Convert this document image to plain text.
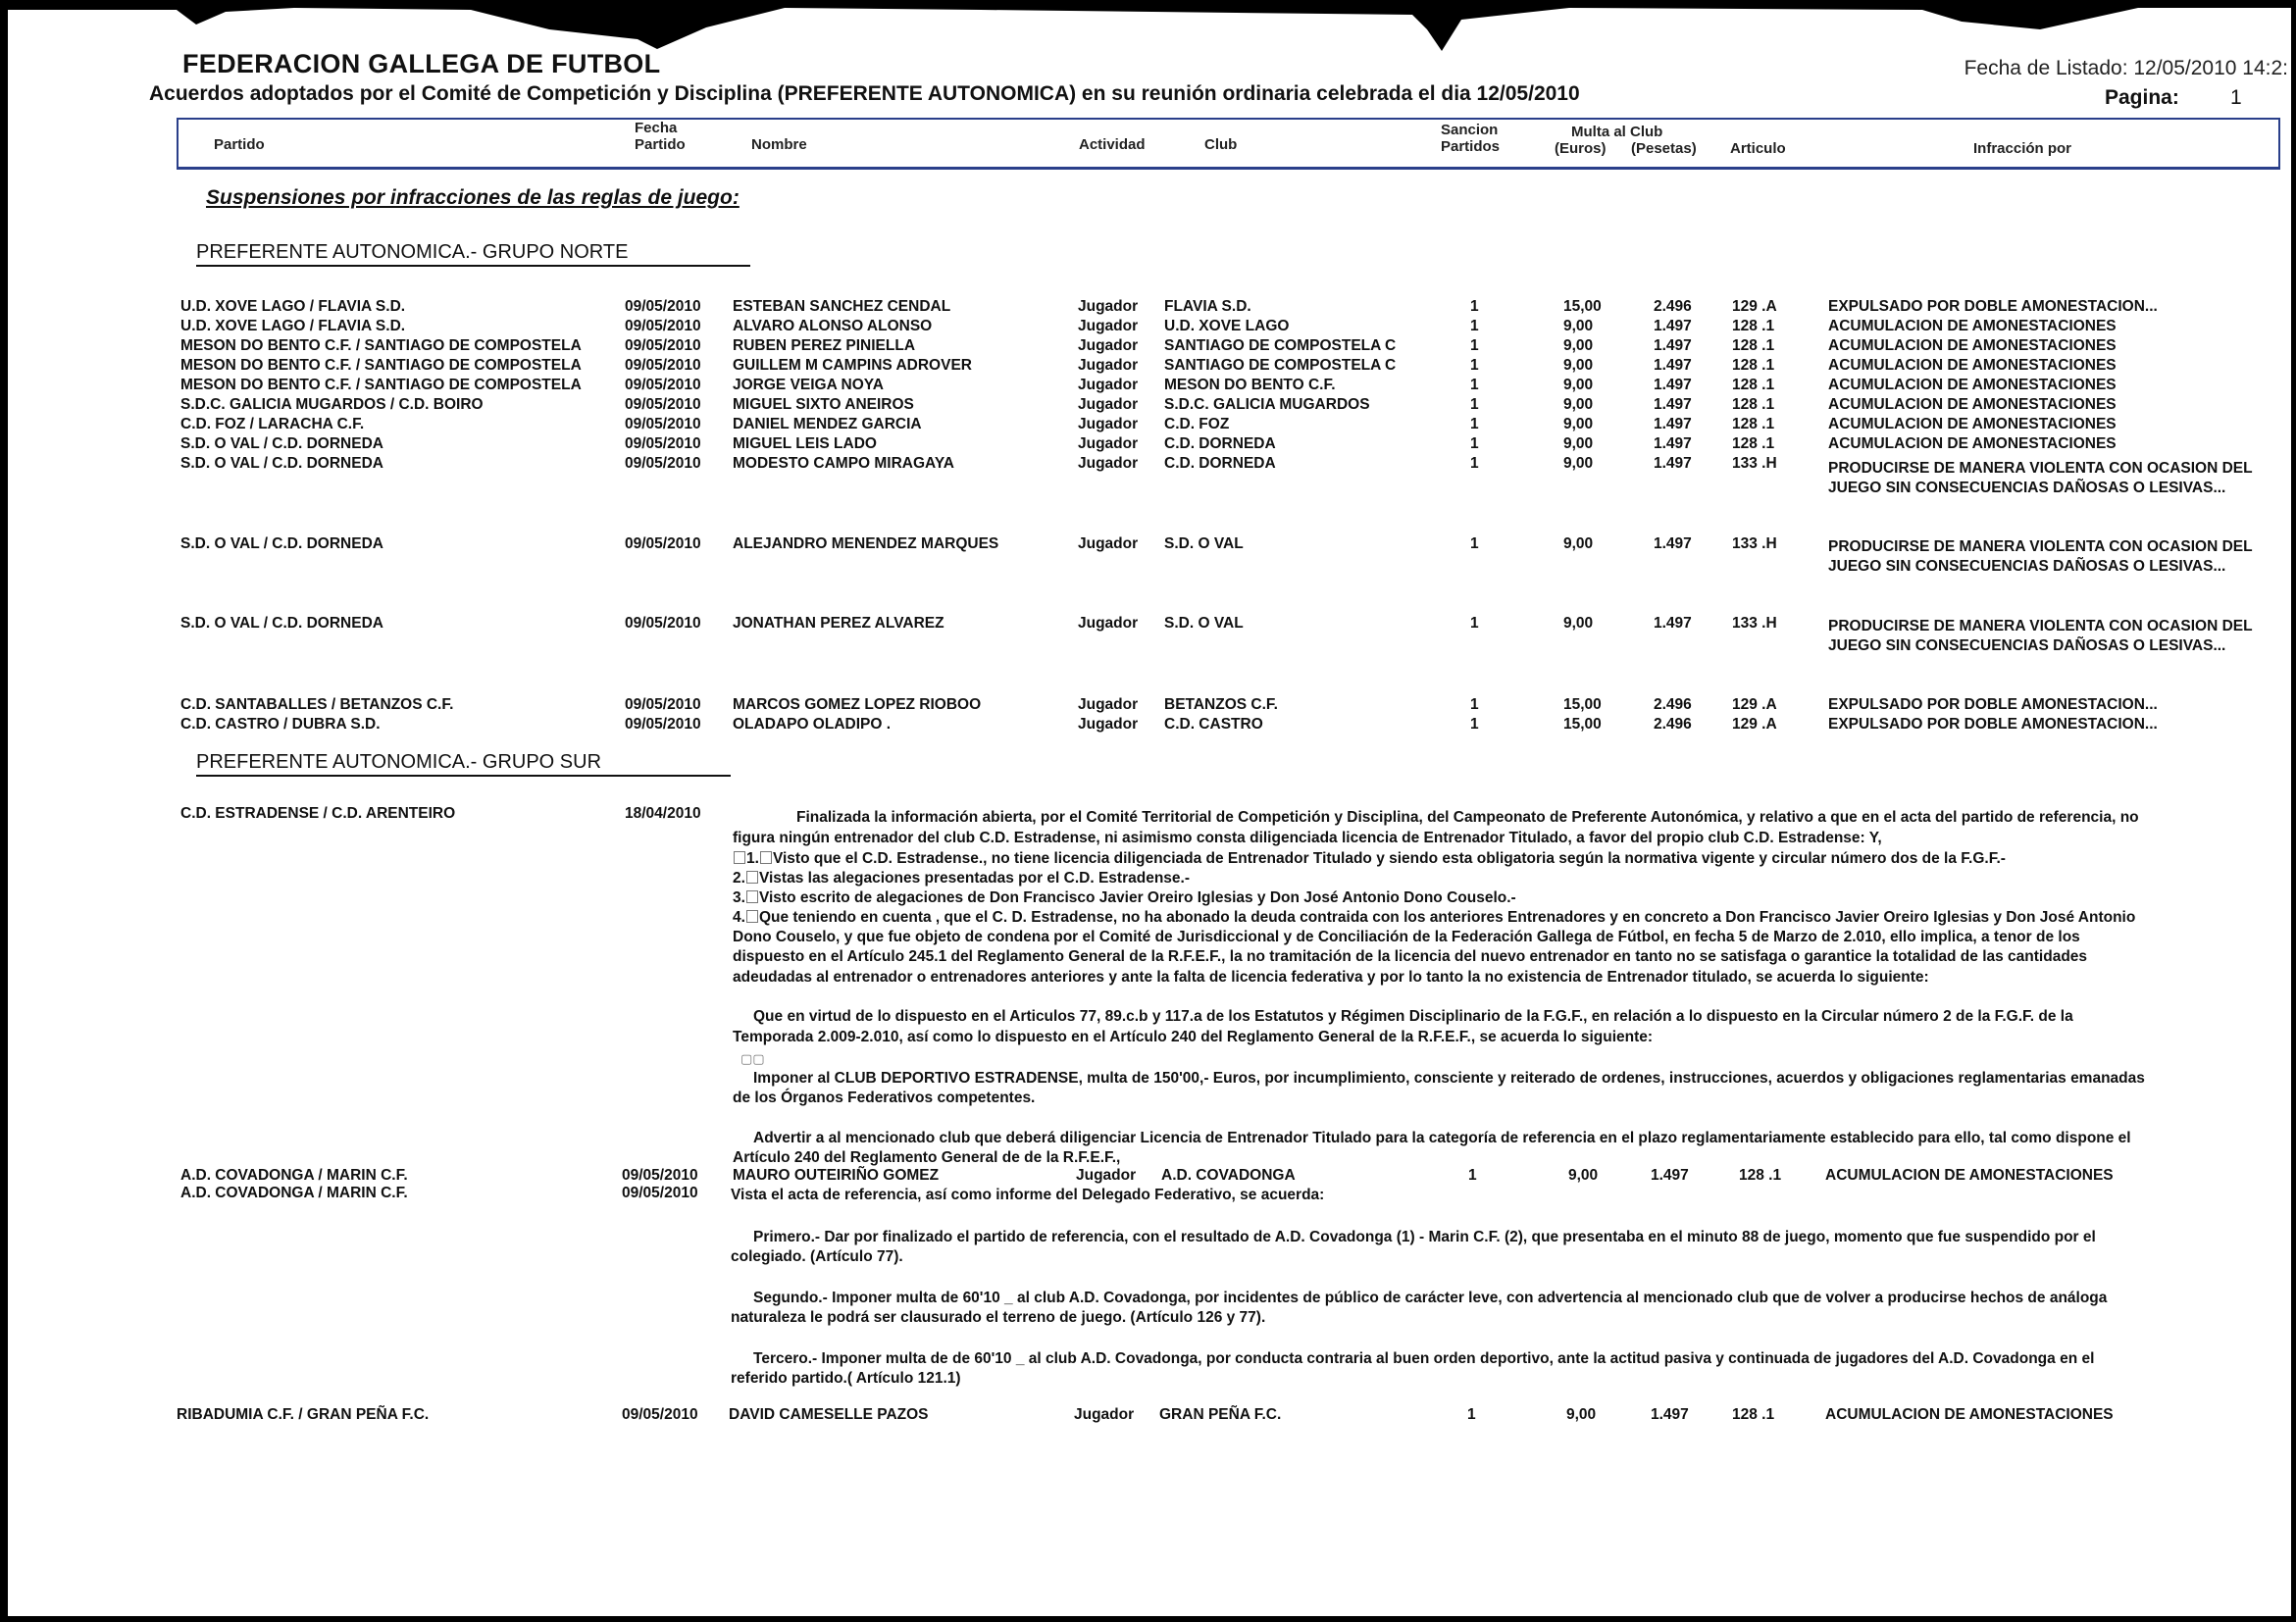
FEDERACION GALLEGA DE FUTBOL
Acuerdos adoptados por el Comité de Competición y Disciplina (PREFERENTE AUTONOMICA) en su reunión ordinaria celebrada el dia 12/05/2010
Fecha de Listado: 12/05/2010 14:2:
Pagina: 1
Partido
Fecha
Partido	Nombre	Actividad	Club
Sancion
Partidos
Multa al Club
(Euros) (Pesetas) Articulo	Infracción por
Suspensiones por infracciones de las reglas de juego:
PREFERENTE AUTONOMICA.- GRUPO NORTE
U.D. XOVE LAGO / FLAVIA S.D.	09/05/2010 ESTEBAN SANCHEZ CENDAL	Jugador FLAVIA S.D.	1	15,00	2.496	129 .A	EXPULSADO POR DOBLE AMONESTACION...
U.D. XOVE LAGO / FLAVIA S.D.	09/05/2010 ALVARO ALONSO ALONSO	Jugador U.D. XOVE LAGO	1	9,00	1.497	128 .1	ACUMULACION DE AMONESTACIONES
MESON DO BENTO C.F. / SANTIAGO DE COMPOSTELA	09/05/2010 RUBEN PEREZ PINIELLA	Jugador SANTIAGO DE COMPOSTELA C	1	9,00	1.497	128 .1	ACUMULACION DE AMONESTACIONES
MESON DO BENTO C.F. / SANTIAGO DE COMPOSTELA	09/05/2010 GUILLEM M CAMPINS ADROVER	Jugador SANTIAGO DE COMPOSTELA C	1	9,00	1.497	128 .1	ACUMULACION DE AMONESTACIONES
MESON DO BENTO C.F. / SANTIAGO DE COMPOSTELA	09/05/2010 JORGE VEIGA NOYA	Jugador MESON DO BENTO C.F.	1	9,00	1.497	128 .1	ACUMULACION DE AMONESTACIONES
S.D.C. GALICIA MUGARDOS / C.D. BOIRO	09/05/2010 MIGUEL SIXTO ANEIROS	Jugador S.D.C. GALICIA MUGARDOS	1	9,00	1.497	128 .1	ACUMULACION DE AMONESTACIONES
C.D. FOZ / LARACHA C.F.	09/05/2010 DANIEL MENDEZ GARCIA	Jugador C.D. FOZ	1	9,00	1.497	128 .1	ACUMULACION DE AMONESTACIONES
S.D. O VAL / C.D. DORNEDA	09/05/2010 MIGUEL LEIS LADO	Jugador C.D. DORNEDA	1	9,00	1.497	128 .1	ACUMULACION DE AMONESTACIONES
S.D. O VAL / C.D. DORNEDA	09/05/2010 MODESTO CAMPO MIRAGAYA	Jugador C.D. DORNEDA	1	9,00	1.497	133 .H	PRODUCIRSE DE MANERA VIOLENTA CON OCASION DEL JUEGO SIN CONSECUENCIAS DAÑOSAS O LESIVAS...
S.D. O VAL / C.D. DORNEDA	09/05/2010 ALEJANDRO MENENDEZ MARQUES	Jugador S.D. O VAL	1	9,00	1.497	133 .H	PRODUCIRSE DE MANERA VIOLENTA CON OCASION DEL JUEGO SIN CONSECUENCIAS DAÑOSAS O LESIVAS...
S.D. O VAL / C.D. DORNEDA	09/05/2010 JONATHAN PEREZ ALVAREZ	Jugador S.D. O VAL	1	9,00	1.497	133 .H	PRODUCIRSE DE MANERA VIOLENTA CON OCASION DEL JUEGO SIN CONSECUENCIAS DAÑOSAS O LESIVAS...
C.D. SANTABALLES / BETANZOS C.F.	09/05/2010 MARCOS GOMEZ LOPEZ RIOBOO	Jugador BETANZOS C.F.	1	15,00	2.496	129 .A	EXPULSADO POR DOBLE AMONESTACION...
C.D. CASTRO / DUBRA S.D.	09/05/2010 OLADAPO OLADIPO .	Jugador C.D. CASTRO	1	15,00	2.496	129 .A	EXPULSADO POR DOBLE AMONESTACION...
PREFERENTE AUTONOMICA.- GRUPO SUR
C.D. ESTRADENSE / C.D. ARENTEIRO	18/04/2010	Finalizada la información abierta, por el Comité Territorial de Competición y Disciplina, del Campeonato de Preferente Autonómica, y relativo a que en el acta del partido de referencia, no
figura ningún entrenador del club C.D. Estradense, ni asimismo consta diligenciada licencia de Entrenador Titulado, a favor del propio club C.D. Estradense: Y,
1. Visto que el C.D. Estradense., no tiene licencia diligenciada de Entrenador Titulado y siendo esta obligatoria según la normativa vigente y circular número dos de la F.G.F.-
2. Vistas las alegaciones presentadas por el C.D. Estradense.-
3. Visto escrito de alegaciones de Don Francisco Javier Oreiro Iglesias y Don José Antonio Dono Couselo.-
4. Que teniendo en cuenta , que el C. D. Estradense, no ha abonado la deuda contraida con los anteriores Entrenadores y en concreto a Don Francisco Javier Oreiro Iglesias y Don José Antonio
Dono Couselo, y que fue objeto de condena por el Comité de Jurisdiccional y de Conciliación de la Federación Gallega de Fútbol, en fecha 5 de Marzo de 2.010, ello implica, a tenor de los
dispuesto en el Artículo 245.1 del Reglamento General de la R.F.E.F., la no tramitación de la licencia del nuevo entrenador en tanto no se satisfaga o garantice la totalidad de las cantidades
adeudadas al entrenador o entrenadores anteriores y ante la falta de licencia federativa y por lo tanto la no existencia de Entrenador titulado, se acuerda lo siguiente:
Que en virtud de lo dispuesto en el Articulos 77, 89.c.b y 117.a de los Estatutos y Régimen Disciplinario de la F.G.F., en relación a lo dispuesto en la Circular número 2 de la F.G.F. de la
Temporada 2.009-2.010, así como lo dispuesto en el Artículo 240 del Reglamento General de la R.F.E.F., se acuerda lo siguiente:
▢▢
Imponer al CLUB DEPORTIVO ESTRADENSE, multa de 150'00,- Euros, por incumplimiento, consciente y reiterado de ordenes, instrucciones, acuerdos y obligaciones reglamentarias emanadas
de los Órganos Federativos competentes.
Advertir a al mencionado club que deberá diligenciar Licencia de Entrenador Titulado para la categoría de referencia en el plazo reglamentariamente establecido para ello, tal como dispone el
Artículo 240 del Reglamento General de de la R.F.E.F.,
A.D. COVADONGA / MARIN C.F.	09/05/2010 MAURO OUTEIRIÑO GOMEZ	Jugador A.D. COVADONGA	1	9,00	1.497	128 .1	ACUMULACION DE AMONESTACIONES
A.D. COVADONGA / MARIN C.F.	09/05/2010 Vista el acta de referencia, así como informe del Delegado Federativo, se acuerda:
Primero.- Dar por finalizado el partido de referencia, con el resultado de A.D. Covadonga (1) - Marin C.F. (2), que presentaba en el minuto 88 de juego, momento que fue suspendido por el
colegiado. (Artículo 77).
Segundo.- Imponer multa de 60'10 _ al club A.D. Covadonga, por incidentes de público de carácter leve, con advertencia al mencionado club que de volver a producirse hechos de análoga
naturaleza le podrá ser clausurado el terreno de juego. (Artículo 126 y 77).
Tercero.- Imponer multa de de 60'10 _ al club A.D. Covadonga, por conducta contraria al buen orden deportivo, ante la actitud pasiva y continuada de jugadores del A.D. Covadonga en el
referido partido.( Artículo 121.1)
RIBADUMIA C.F. / GRAN PEÑA F.C.	09/05/2010 DAVID CAMESELLE PAZOS	Jugador GRAN PEÑA F.C.	1	9,00	1.497	128 .1	ACUMULACION DE AMONESTACIONES
